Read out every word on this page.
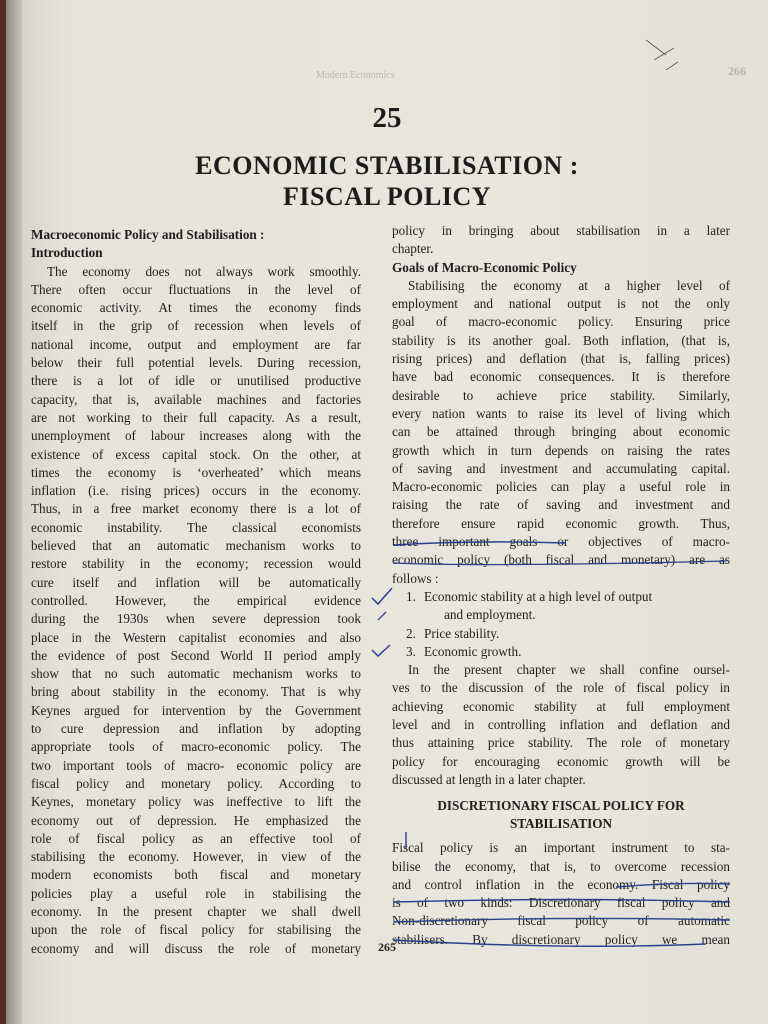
Modern Economics	266
25
ECONOMIC STABILISATION :
FISCAL POLICY
Macroeconomic Policy and Stabilisation :
Introduction
The economy does not always work smoothly.
There often occur fluctuations in the level of
economic activity. At times the economy finds
itself in the grip of recession when levels of
national income, output and employment are far
below their full potential levels. During recession,
there is a lot of idle or unutilised productive
capacity, that is, available machines and factories
are not working to their full capacity. As a result,
unemployment of labour increases along with the
existence of excess capital stock. On the other, at
times the economy is ‘overheated’ which means
inflation (i.e. rising prices) occurs in the economy.
Thus, in a free market economy there is a lot of
economic instability. The classical economists
believed that an automatic mechanism works to
restore stability in the economy; recession would
cure itself and inflation will be automatically
controlled. However, the empirical evidence
during the 1930s when severe depression took
place in the Western capitalist economies and also
the evidence of post Second World II period amply
show that no such automatic mechanism works to
bring about stability in the economy. That is why
Keynes argued for intervention by the Government
to cure depression and inflation by adopting
appropriate tools of macro-economic policy. The
two important tools of macro- economic policy are
fiscal policy and monetary policy. According to
Keynes, monetary policy was ineffective to lift the
economy out of depression. He emphasized the
role of fiscal policy as an effective tool of
stabilising the economy. However, in view of the
modern economists both fiscal and monetary
policies play a useful role in stabilising the
economy. In the present chapter we shall dwell
upon the role of fiscal policy for stabilising the
economy and will discuss the role of monetary
policy in bringing about stabilisation in a later
chapter.
Goals of Macro-Economic Policy
Stabilising the economy at a higher level of
employment and national output is not the only
goal of macro-economic policy. Ensuring price
stability is its another goal. Both inflation, (that is,
rising prices) and deflation (that is, falling prices)
have bad economic consequences. It is therefore
desirable to achieve price stability. Similarly,
every nation wants to raise its level of living which
can be attained through bringing about economic
growth which in turn depends on raising the rates
of saving and investment and accumulating capital.
Macro-economic policies can play a useful role in
raising the rate of saving and investment and
therefore ensure rapid economic growth. Thus,
three important goals or objectives of macro-
economic policy (both fiscal and monetary) are as
follows :
1. Economic stability at a high level of output
and employment.
2. Price stability.
3. Economic growth.
In the present chapter we shall confine oursel-
ves to the discussion of the role of fiscal policy in
achieving economic stability at full employment
level and in controlling inflation and deflation and
thus attaining price stability. The role of monetary
policy for encouraging economic growth will be
discussed at length in a later chapter.
DISCRETIONARY FISCAL POLICY FOR
STABILISATION
Fiscal policy is an important instrument to sta-
bilise the economy, that is, to overcome recession
and control inflation in the economy. Fiscal policy
is of two kinds: Discretionary fiscal policy and
Non-discretionary fiscal policy of automatic
stabilisers. By discretionary policy we mean
265
